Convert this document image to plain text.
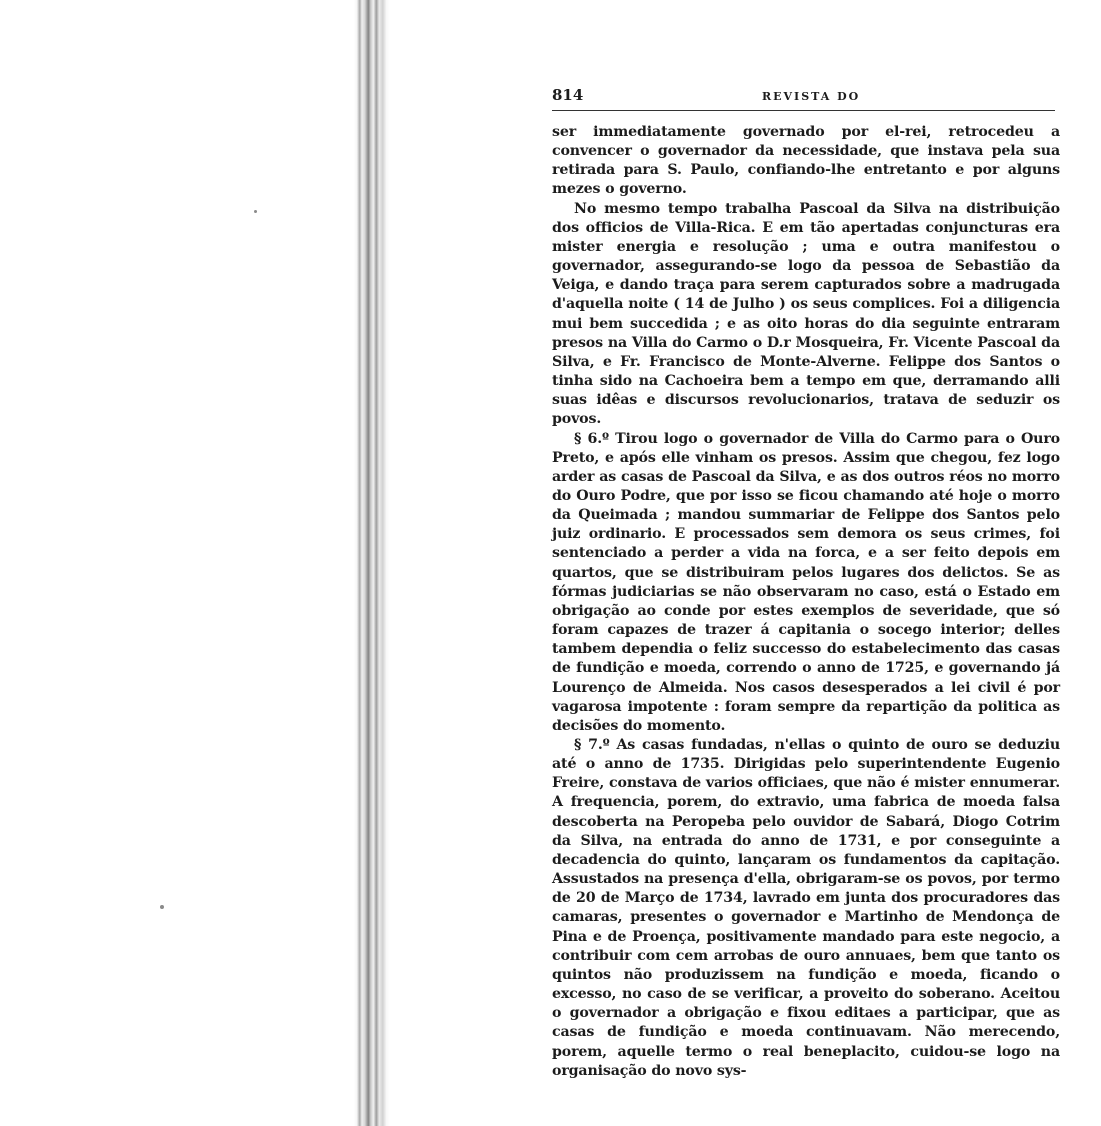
814	REVISTA DO

ser immediatamente governado por el-rei, retrocedeu a convencer o governador da necessidade, que instava pela sua retirada para S. Paulo, confiando-lhe entretanto e por alguns mezes o governo.

No mesmo tempo trabalha Pascoal da Silva na distribuição dos officios de Villa-Rica. E em tão apertadas conjuncturas era mister energia e resolução ; uma e outra manifestou o governador, assegurando-se logo da pessoa de Sebastião da Veiga, e dando traça para serem capturados sobre a madrugada d'aquella noite ( 14 de Julho ) os seus complices. Foi a diligencia mui bem succedida ; e as oito horas do dia seguinte entraram presos na Villa do Carmo o D.r Mosqueira, Fr. Vicente Pascoal da Silva, e Fr. Francisco de Monte-Alverne. Felippe dos Santos o tinha sido na Cachoeira bem a tempo em que, derramando alli suas idêas e discursos revolucionarios, tratava de seduzir os povos.

§ 6.º Tirou logo o governador de Villa do Carmo para o Ouro Preto, e após elle vinham os presos. Assim que chegou, fez logo arder as casas de Pascoal da Silva, e as dos outros réos no morro do Ouro Podre, que por isso se ficou chamando até hoje o morro da Queimada ; mandou summariar de Felippe dos Santos pelo juiz ordinario. E processados sem demora os seus crimes, foi sentenciado a perder a vida na forca, e a ser feito depois em quartos, que se distribuiram pelos lugares dos delictos. Se as fórmas judiciarias se não observaram no caso, está o Estado em obrigação ao conde por estes exemplos de severidade, que só foram capazes de trazer á capitania o socego interior; delles tambem dependia o feliz successo do estabelecimento das casas de fundição e moeda, correndo o anno de 1725, e governando já Lourenço de Almeida. Nos casos desesperados a lei civil é por vagarosa impotente : foram sempre da repartição da politica as decisões do momento.

§ 7.º As casas fundadas, n'ellas o quinto de ouro se deduziu até o anno de 1735. Dirigidas pelo superintendente Eugenio Freire, constava de varios officiaes, que não é mister ennumerar. A frequencia, porem, do extravio, uma fabrica de moeda falsa descoberta na Peropeba pelo ouvidor de Sabará, Diogo Cotrim da Silva, na entrada do anno de 1731, e por conseguinte a decadencia do quinto, lançaram os fundamentos da capitação. Assustados na presença d'ella, obrigaram-se os povos, por termo de 20 de Março de 1734, lavrado em junta dos procuradores das camaras, presentes o governador e Martinho de Mendonça de Pina e de Proença, positivamente mandado para este negocio, a contribuir com cem arrobas de ouro annuaes, bem que tanto os quintos não produzissem na fundição e moeda, ficando o excesso, no caso de se verificar, a proveito do soberano. Aceitou o governador a obrigação e fixou editaes a participar, que as casas de fundição e moeda continuavam. Não merecendo, porem, aquelle termo o real beneplacito, cuidou-se logo na organisação do novo sys-
